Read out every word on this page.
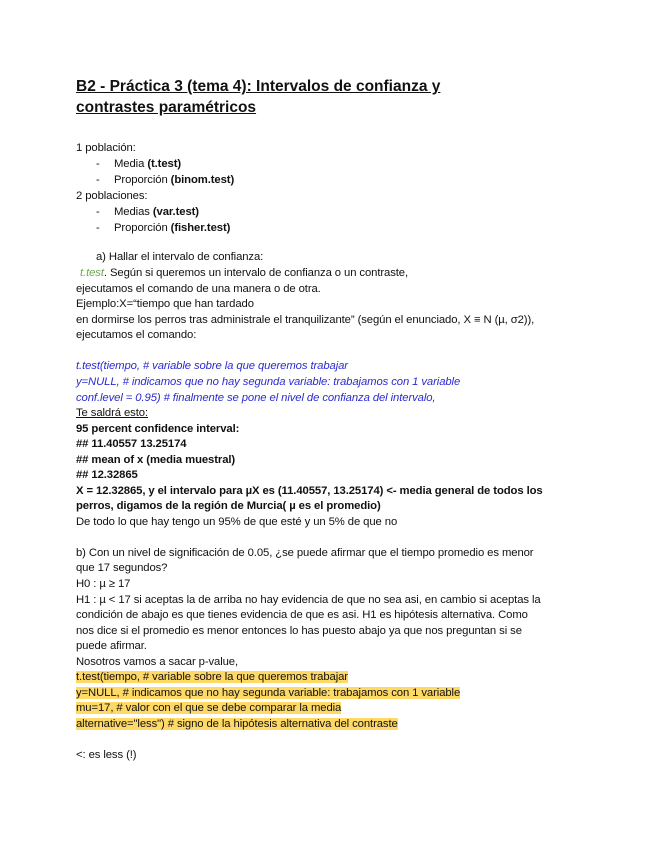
B2 - Práctica 3 (tema 4): Intervalos de confianza y
contrastes paramétricos
1 población:
- Media (t.test)
- Proporción (binom.test)
2 poblaciones:
- Medias (var.test)
- Proporción (fisher.test)
a) Hallar el intervalo de confianza:
t.test. Según si queremos un intervalo de confianza o un contraste,
ejecutamos el comando de una manera o de otra.
Ejemplo:X=“tiempo que han tardado
en dormirse los perros tras administrale el tranquilizante” (según el enunciado, X ≡ N (µ, σ2)),
ejecutamos el comando:
t.test(tiempo, # variable sobre la que queremos trabajar
y=NULL, # indicamos que no hay segunda variable: trabajamos con 1 variable
conf.level = 0.95) # finalmente se pone el nivel de confianza del intervalo,
Te saldrá esto:
95 percent confidence interval:
## 11.40557 13.25174
## mean of x (media muestral)
## 12.32865
X = 12.32865, y el intervalo para µX es (11.40557, 13.25174) <- media general de todos los
perros, digamos de la región de Murcia( µ es el promedio)
De todo lo que hay tengo un 95% de que esté y un 5% de que no
b) Con un nivel de significación de 0.05, ¿se puede afirmar que el tiempo promedio es menor
que 17 segundos?
H0 : µ ≥ 17
H1 : µ < 17 si aceptas la de arriba no hay evidencia de que no sea asi, en cambio si aceptas la
condición de abajo es que tienes evidencia de que es asi. H1 es hipótesis alternativa. Como
nos dice si el promedio es menor entonces lo has puesto abajo ya que nos preguntan si se
puede afirmar.
Nosotros vamos a sacar p-value,
t.test(tiempo, # variable sobre la que queremos trabajar
y=NULL, # indicamos que no hay segunda variable: trabajamos con 1 variable
mu=17, # valor con el que se debe comparar la media
alternative="less") # signo de la hipótesis alternativa del contraste
<: es less (!)
